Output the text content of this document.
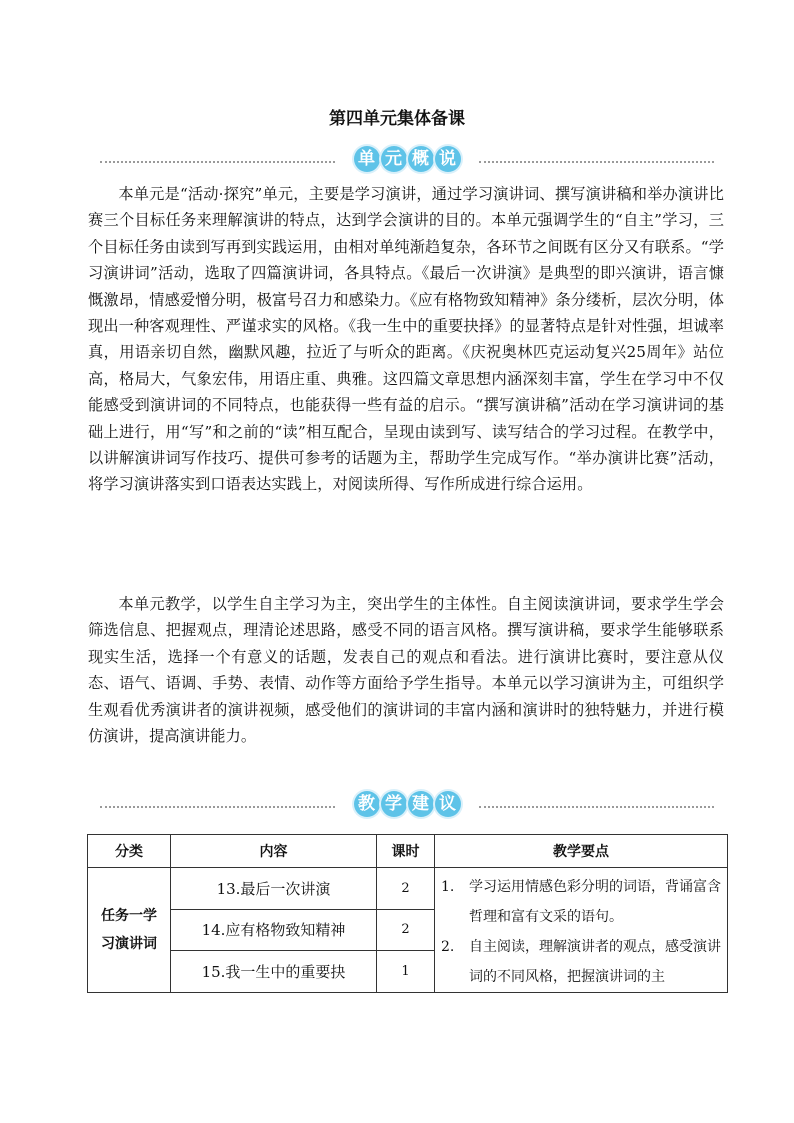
第四单元集体备课
单 元 概 说

本单元是“活动·探究”单元，主要是学习演讲，通过学习演讲词、撰写演讲稿和举办演讲比赛三个目标任务来理解演讲的特点，达到学会演讲的目的。本单元强调学生的“自主”学习，三个目标任务由读到写再到实践运用，由相对单纯渐趋复杂，各环节之间既有区分又有联系。“学习演讲词”活动，选取了四篇演讲词，各具特点。《最后一次讲演》是典型的即兴演讲，语言慷慨激昂，情感爱憎分明，极富号召力和感染力。《应有格物致知精神》条分缕析，层次分明，体现出一种客观理性、严谨求实的风格。《我一生中的重要抉择》的显著特点是针对性强，坦诚率真，用语亲切自然，幽默风趣，拉近了与听众的距离。《庆祝奥林匹克运动复兴25周年》站位高，格局大，气象宏伟，用语庄重、典雅。这四篇文章思想内涵深刻丰富，学生在学习中不仅能感受到演讲词的不同特点，也能获得一些有益的启示。“撰写演讲稿”活动在学习演讲词的基础上进行，用“写”和之前的“读”相互配合，呈现由读到写、读写结合的学习过程。在教学中，以讲解演讲词写作技巧、提供可参考的话题为主，帮助学生完成写作。“举办演讲比赛”活动，将学习演讲落实到口语表达实践上，对阅读所得、写作所成进行综合运用。

本单元教学，以学生自主学习为主，突出学生的主体性。自主阅读演讲词，要求学生学会筛选信息、把握观点，理清论述思路，感受不同的语言风格。撰写演讲稿，要求学生能够联系现实生活，选择一个有意义的话题，发表自己的观点和看法。进行演讲比赛时，要注意从仪态、语气、语调、手势、表情、动作等方面给予学生指导。本单元以学习演讲为主，可组织学生观看优秀演讲者的演讲视频，感受他们的演讲词的丰富内涵和演讲时的独特魅力，并进行模仿演讲，提高演讲能力。

教 学 建 议
分类	内容	课时	教学要点

任务一学习演讲词	13.最后一次讲演	2	1. 学习运用情感色彩分明的词语，背诵富含哲理和富有文采的语句。
2. 自主阅读，理解演讲者的观点，感受演讲词的不同风格，把握演讲词的主

	14.应有格物致知精神	2	
	15.我一生中的重要抉	1	
